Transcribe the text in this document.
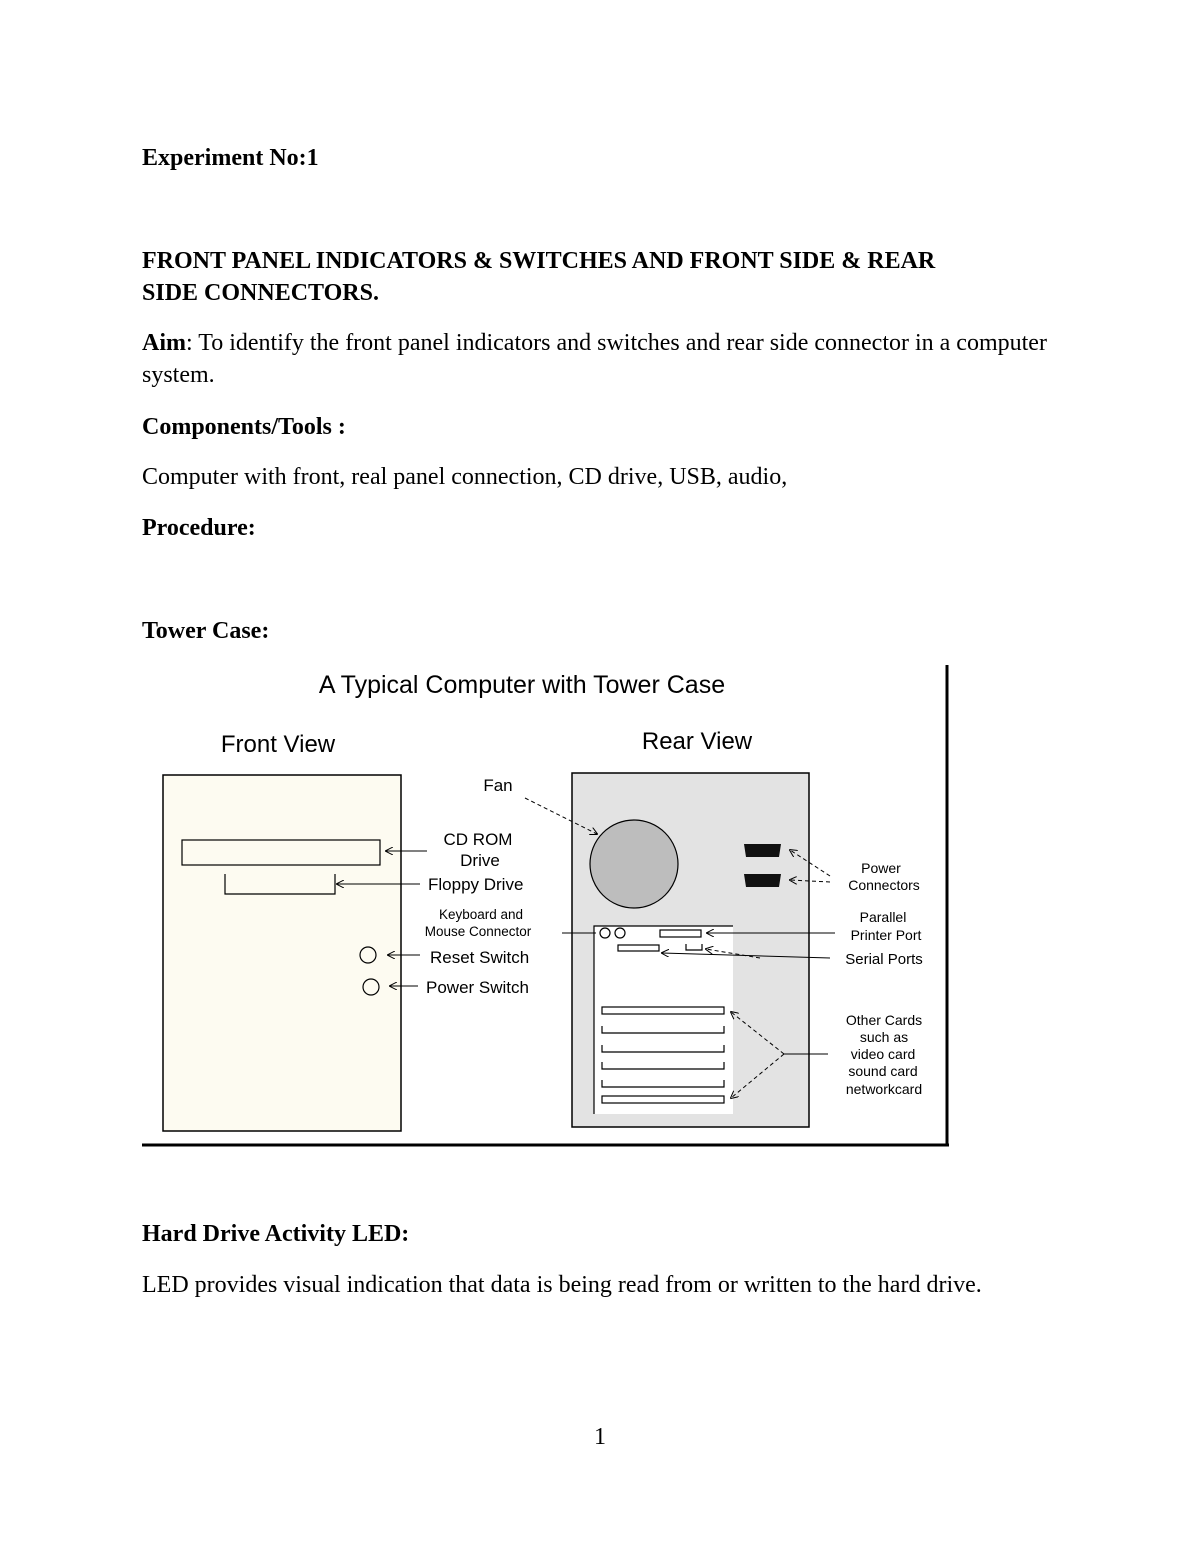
Experiment No:1

FRONT PANEL INDICATORS & SWITCHES AND FRONT SIDE & REAR

SIDE CONNECTORS.

Aim: To identify the front panel indicators and switches and rear side connector in a computer system.

Components/Tools :

Computer with front, real panel connection, CD drive, USB, audio,

Procedure:

Tower Case:

A Typical Computer with Tower Case
Front View	Rear View
CD ROM
Drive
Floppy Drive
Keyboard and
Mouse Connector
Reset Switch
Power Switch
Fan
Power
Connectors
Parallel
Printer Port
Serial Ports
Other Cards
such as
video card
sound card
networkcard

Hard Drive Activity LED:

LED provides visual indication that data is being read from or written to the hard drive.

1
